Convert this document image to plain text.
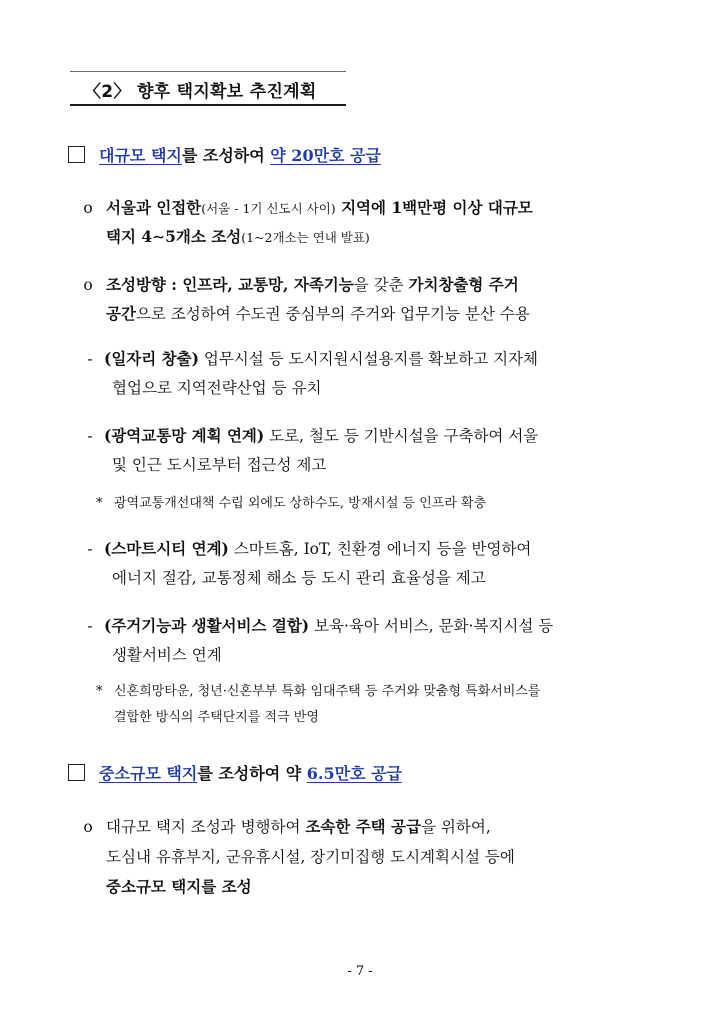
〈2〉 향후 택지확보 추진계획
대규모 택지를 조성하여 약 20만호 공급
ο 서울과 인접한(서울 - 1기 신도시 사이) 지역에 1백만평 이상 대규모
택지 4∼5개소 조성(1~2개소는 연내 발표)
ο 조성방향 : 인프라, 교통망, 자족기능을 갖춘 가치창출형 주거
공간으로 조성하여 수도권 중심부의 주거와 업무기능 분산 수용
- (일자리 창출) 업무시설 등 도시지원시설용지를 확보하고 지자체
협업으로 지역전략산업 등 유치
- (광역교통망 계획 연계) 도로, 철도 등 기반시설을 구축하여 서울
및 인근 도시로부터 접근성 제고
* 광역교통개선대책 수립 외에도 상하수도, 방재시설 등 인프라 확충
- (스마트시티 연계) 스마트홈, IoT, 친환경 에너지 등을 반영하여
에너지 절감, 교통정체 해소 등 도시 관리 효율성을 제고
- (주거기능과 생활서비스 결합) 보육·육아 서비스, 문화·복지시설 등
생활서비스 연계
* 신혼희망타운, 청년·신혼부부 특화 임대주택 등 주거와 맞춤형 특화서비스를
결합한 방식의 주택단지를 적극 반영
중소규모 택지를 조성하여 약 6.5만호 공급
ο 대규모 택지 조성과 병행하여 조속한 주택 공급을 위하여,
도심내 유휴부지, 군유휴시설, 장기미집행 도시계획시설 등에
중소규모 택지를 조성
- 7 -
